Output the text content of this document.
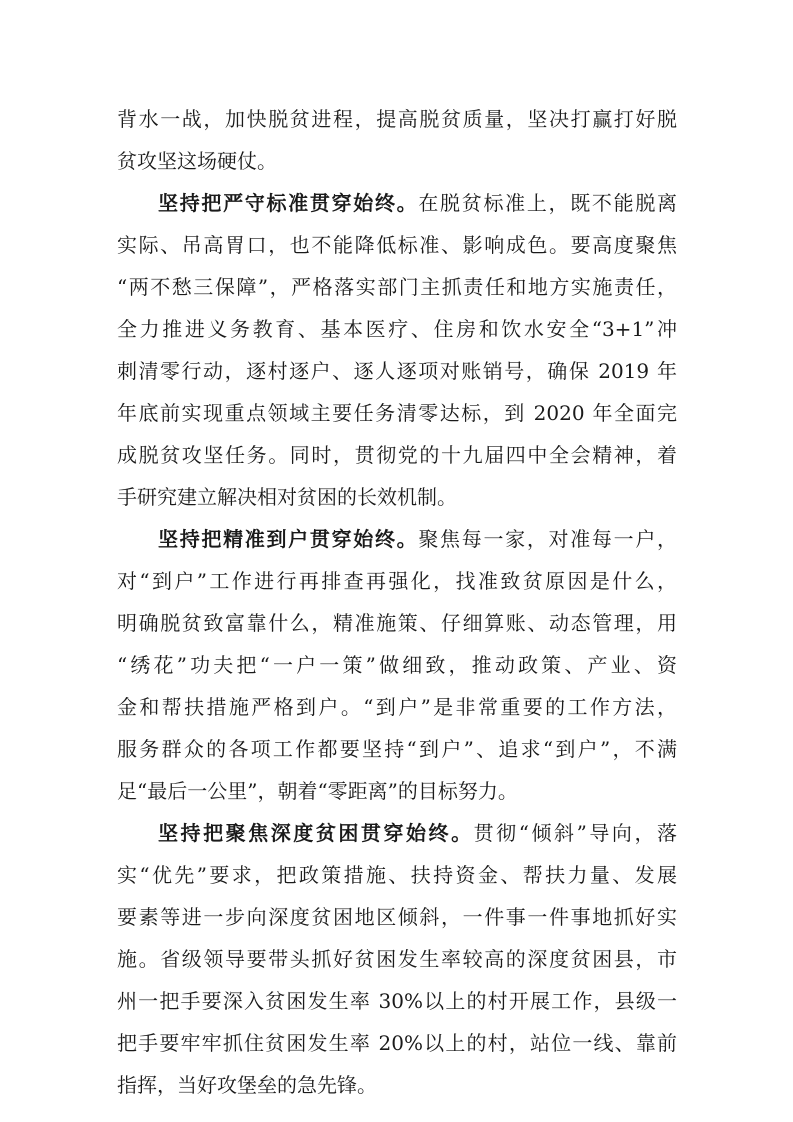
背水一战，加快脱贫进程，提高脱贫质量，坚决打赢打好脱
贫攻坚这场硬仗。
坚持把严守标准贯穿始终。在脱贫标准上，既不能脱离
实际、吊高胃口，也不能降低标准、影响成色。要高度聚焦
“两不愁三保障”，严格落实部门主抓责任和地方实施责任，
全力推进义务教育、基本医疗、住房和饮水安全“3+1”冲
刺清零行动，逐村逐户、逐人逐项对账销号，确保 2019 年
年底前实现重点领域主要任务清零达标，到 2020 年全面完
成脱贫攻坚任务。同时，贯彻党的十九届四中全会精神，着
手研究建立解决相对贫困的长效机制。
坚持把精准到户贯穿始终。聚焦每一家，对准每一户，
对“到户”工作进行再排查再强化，找准致贫原因是什么，
明确脱贫致富靠什么，精准施策、仔细算账、动态管理，用
“绣花”功夫把“一户一策”做细致，推动政策、产业、资
金和帮扶措施严格到户。“到户”是非常重要的工作方法，
服务群众的各项工作都要坚持“到户”、追求“到户”，不满
足“最后一公里”，朝着“零距离”的目标努力。
坚持把聚焦深度贫困贯穿始终。贯彻“倾斜”导向，落
实“优先”要求，把政策措施、扶持资金、帮扶力量、发展
要素等进一步向深度贫困地区倾斜，一件事一件事地抓好实
施。省级领导要带头抓好贫困发生率较高的深度贫困县，市
州一把手要深入贫困发生率 30%以上的村开展工作，县级一
把手要牢牢抓住贫困发生率 20%以上的村，站位一线、靠前
指挥，当好攻堡垒的急先锋。
